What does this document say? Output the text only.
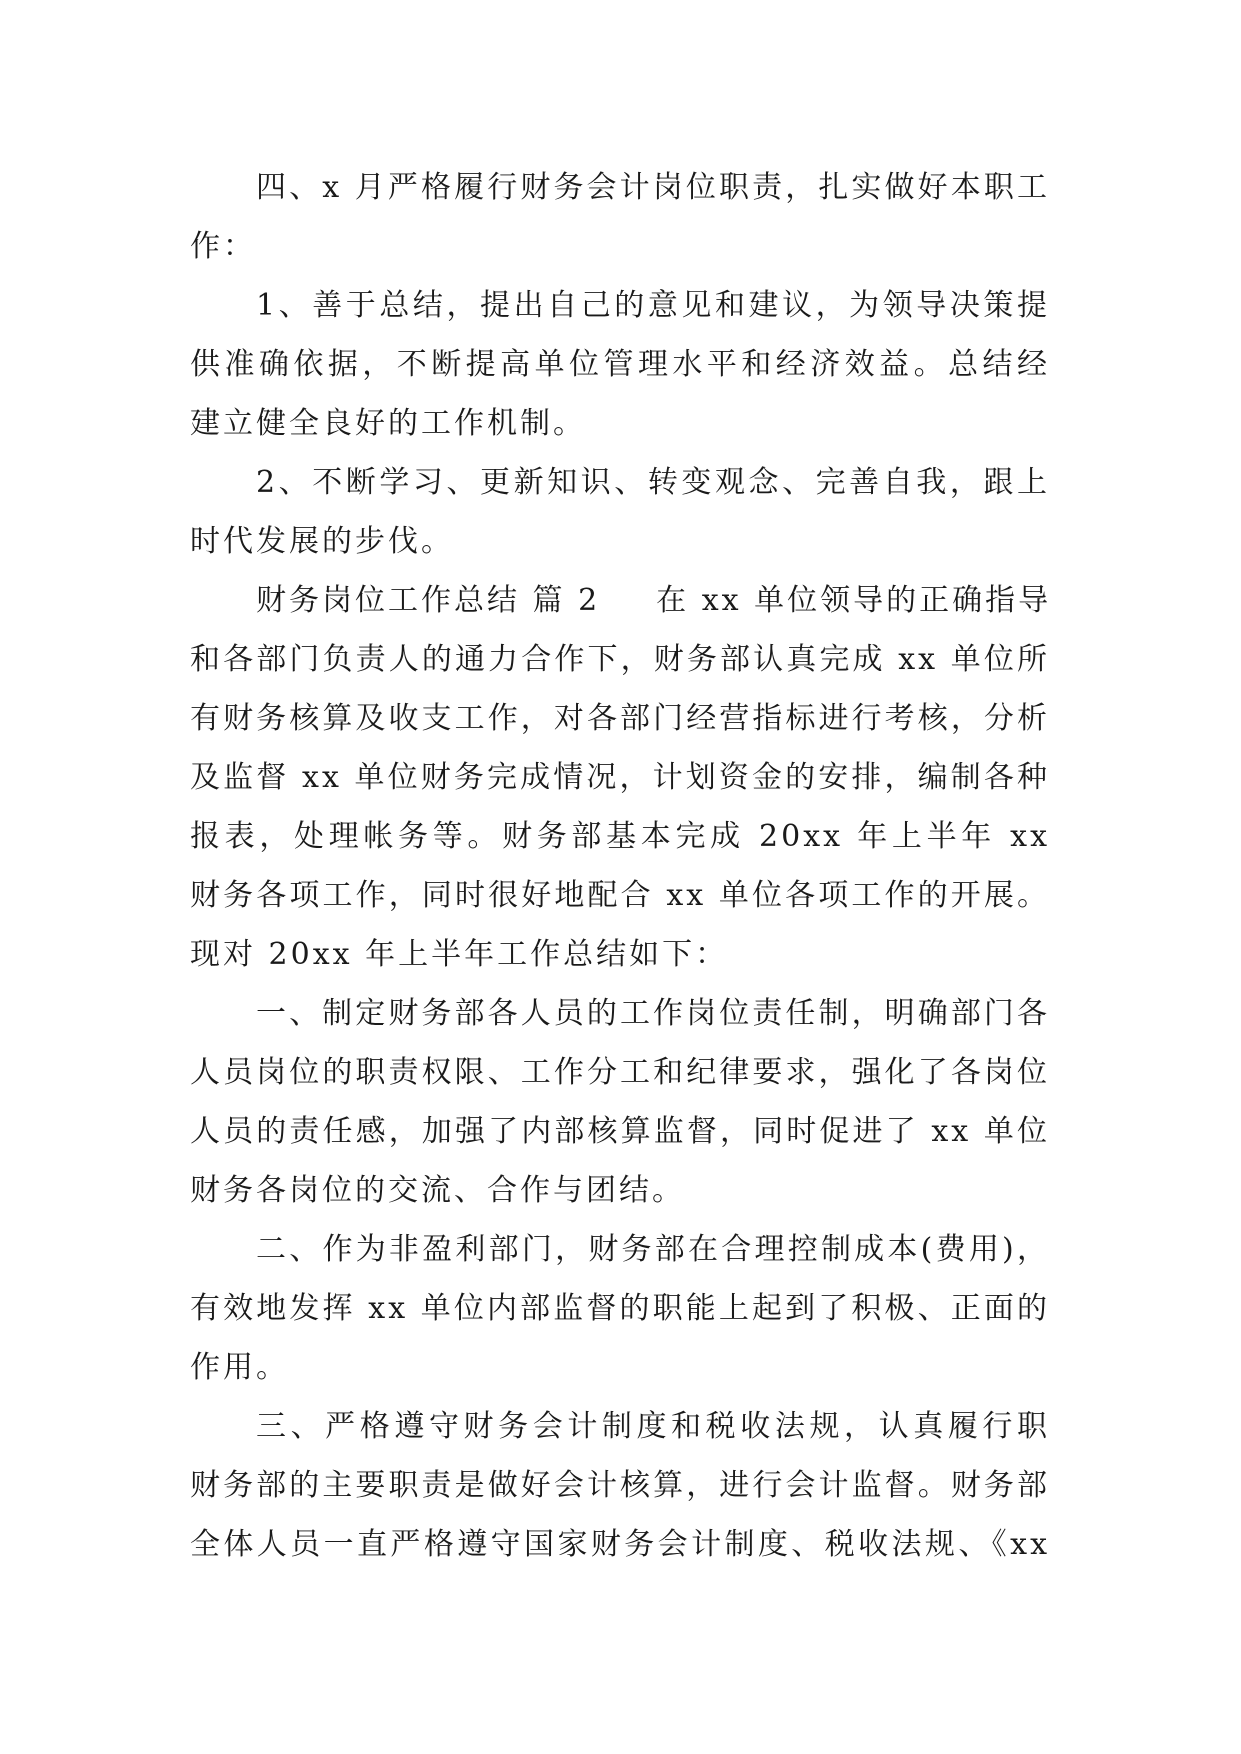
四、x 月严格履行财务会计岗位职责，扎实做好本职工
作：
1、善于总结，提出自己的意见和建议，为领导决策提
供准确依据，不断提高单位管理水平和经济效益。总结经
建立健全良好的工作机制。
2、不断学习、更新知识、转变观念、完善自我，跟上
时代发展的步伐。
财务岗位工作总结 篇 2 在 xx 单位领导的正确指导
和各部门负责人的通力合作下，财务部认真完成 xx 单位所
有财务核算及收支工作，对各部门经营指标进行考核，分析
及监督 xx 单位财务完成情况，计划资金的安排，编制各种
报表，处理帐务等。财务部基本完成 20xx 年上半年 xx
财务各项工作，同时很好地配合 xx 单位各项工作的开展。
现对 20xx 年上半年工作总结如下：
一、制定财务部各人员的工作岗位责任制，明确部门各
人员岗位的职责权限、工作分工和纪律要求，强化了各岗位
人员的责任感，加强了内部核算监督，同时促进了 xx 单位
财务各岗位的交流、合作与团结。
二、作为非盈利部门，财务部在合理控制成本(费用)，
有效地发挥 xx 单位内部监督的职能上起到了积极、正面的
作用。
三、严格遵守财务会计制度和税收法规，认真履行职
财务部的主要职责是做好会计核算，进行会计监督。财务部
全体人员一直严格遵守国家财务会计制度、税收法规、《xx
